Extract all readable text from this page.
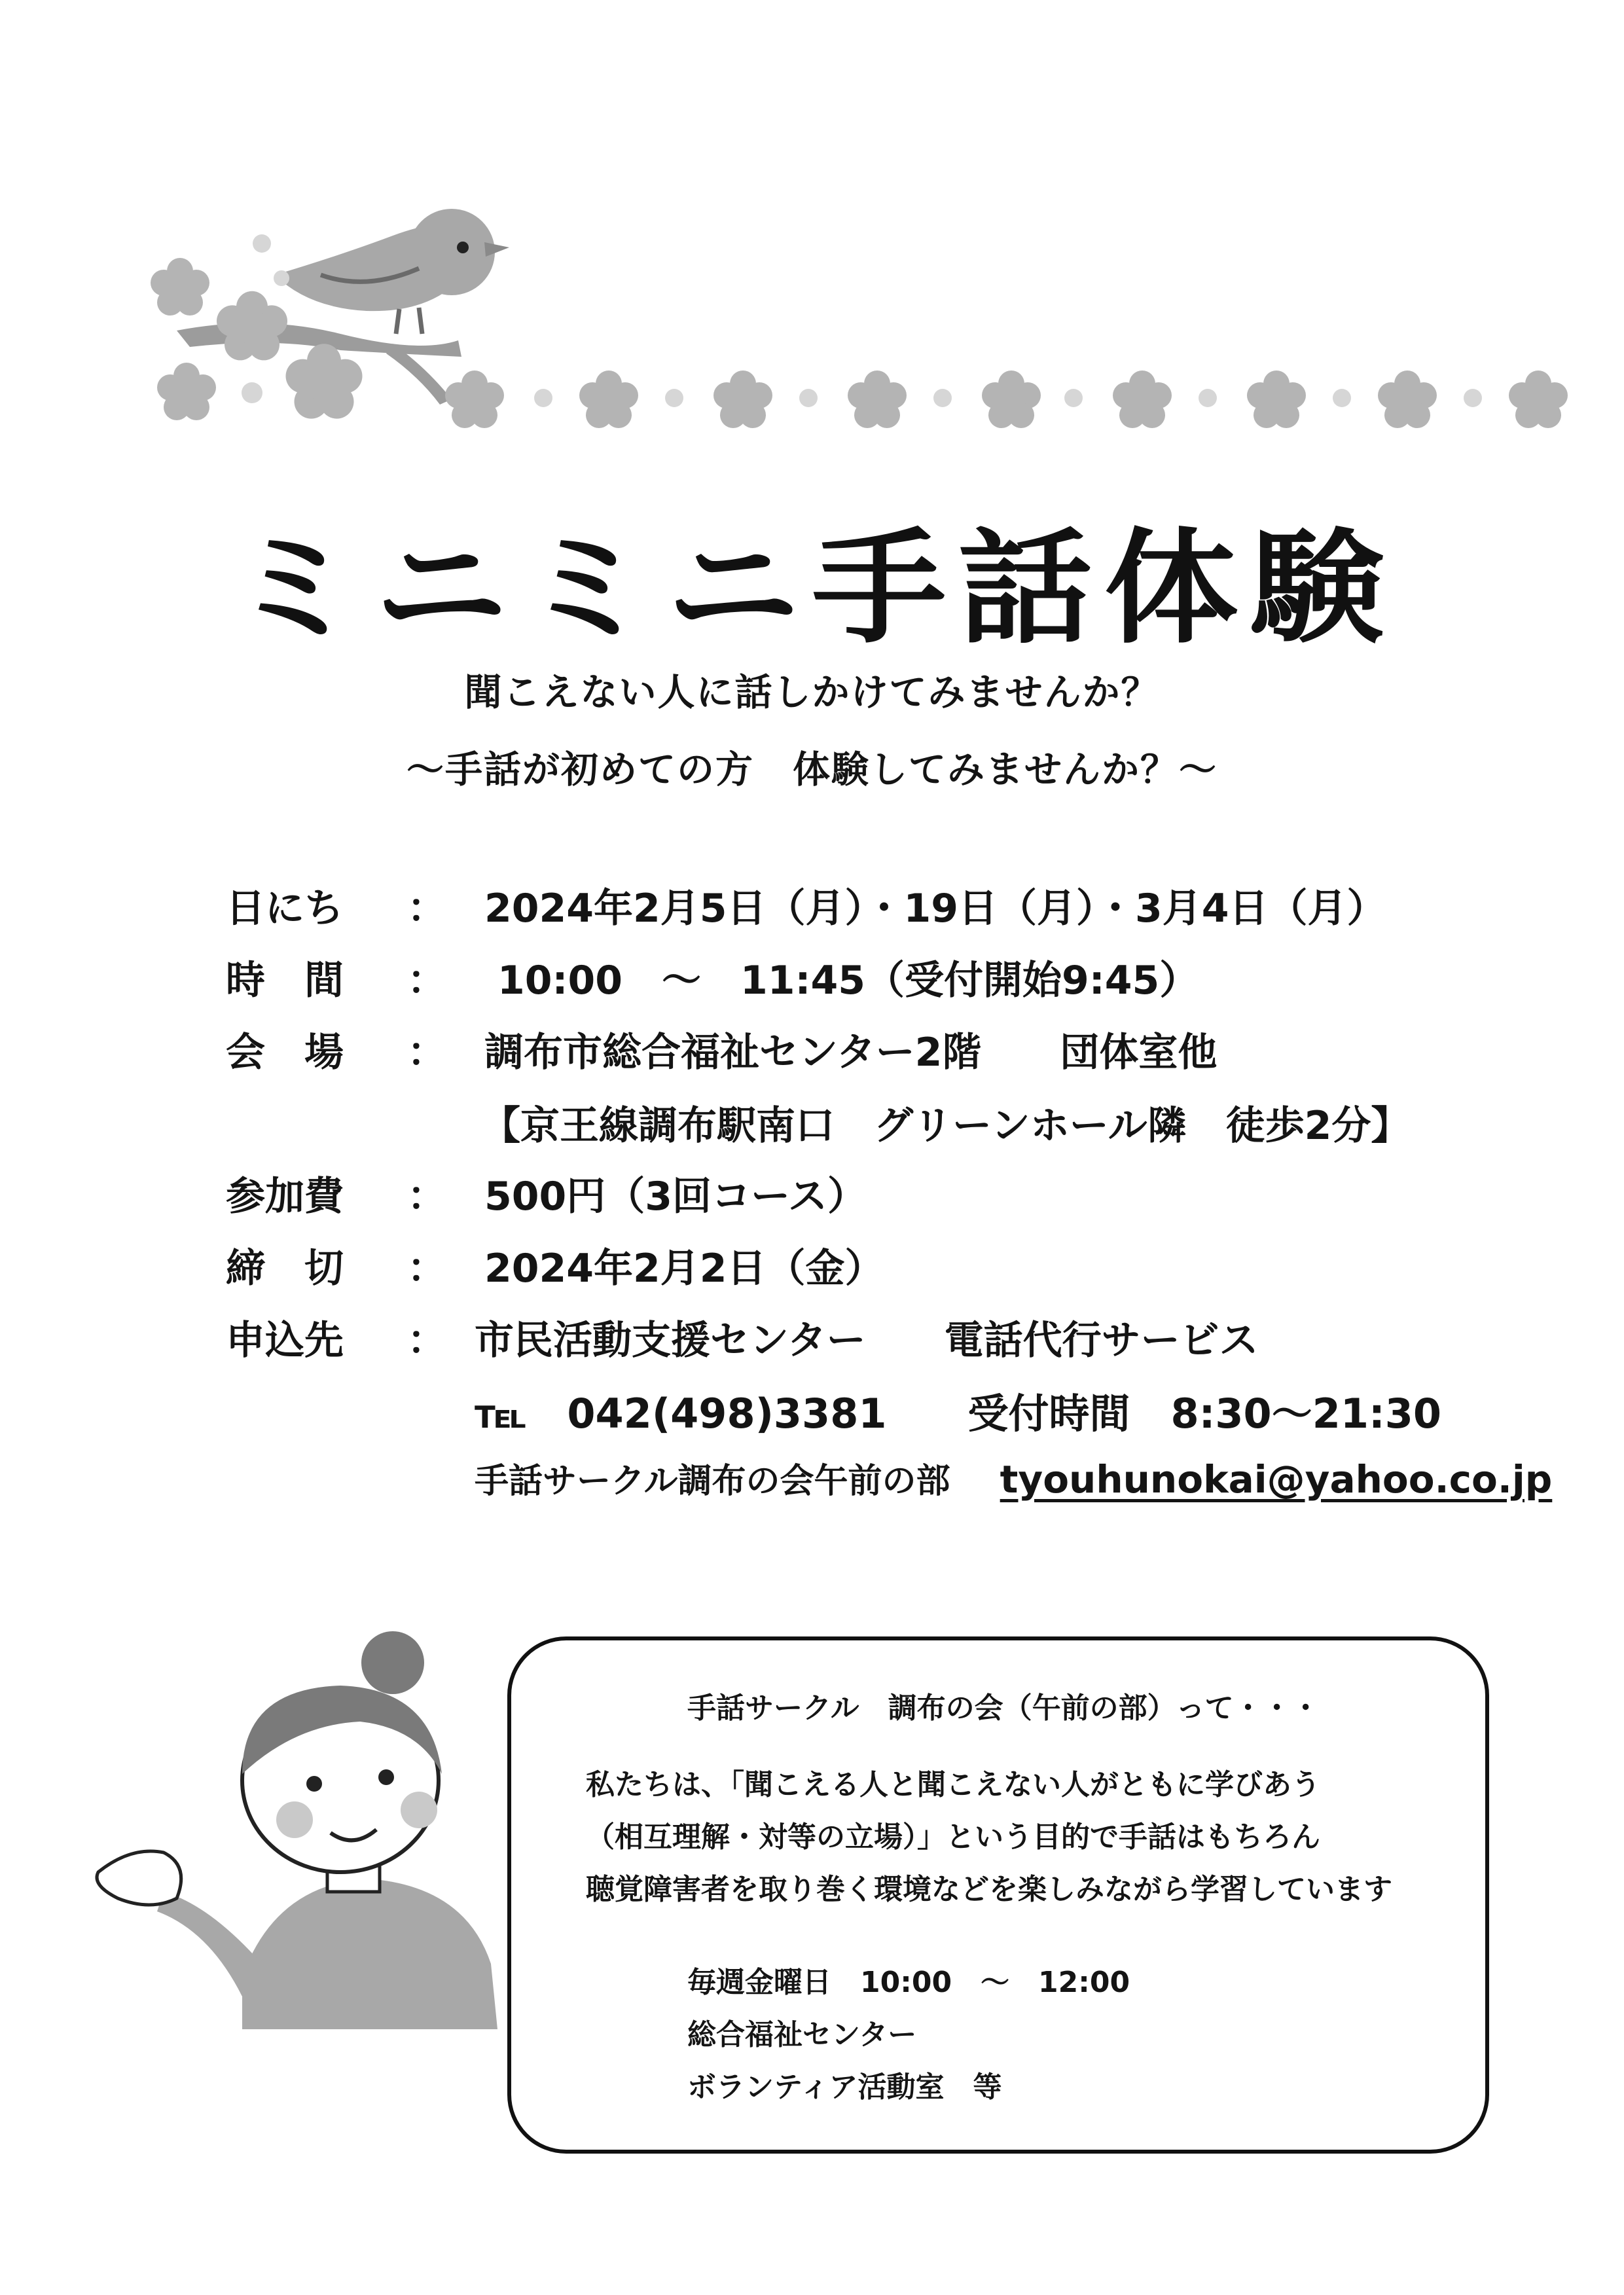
ミニミニ手話体験
聞こえない人に話しかけてみませんか？
～手話が初めての方　体験してみませんか？～
日にち ： 2024年2月5日（月）・19日（月）・3月4日（月）
時　間 ： 10:00　～　11:45（受付開始9:45）
会　場 ： 調布市総合福祉センター2階　　団体室他
【京王線調布駅南口　グリーンホール隣　徒歩2分】
参加費 ： 500円（3回コース）
締　切 ： 2024年2月2日（金）
申込先 ： 市民活動支援センター　　電話代行サービス
℡　042(498)3381　　受付時間　8:30～21:30
手話サークル調布の会午前の部 tyouhunokai@yahoo.co.jp
手話サークル　調布の会（午前の部）って・・・
私たちは、「聞こえる人と聞こえない人がともに学びあう
（相互理解・対等の立場）」という目的で手話はもちろん
聴覚障害者を取り巻く環境などを楽しみながら学習しています
毎週金曜日　10:00　～　12:00
総合福祉センター
ボランティア活動室　等
